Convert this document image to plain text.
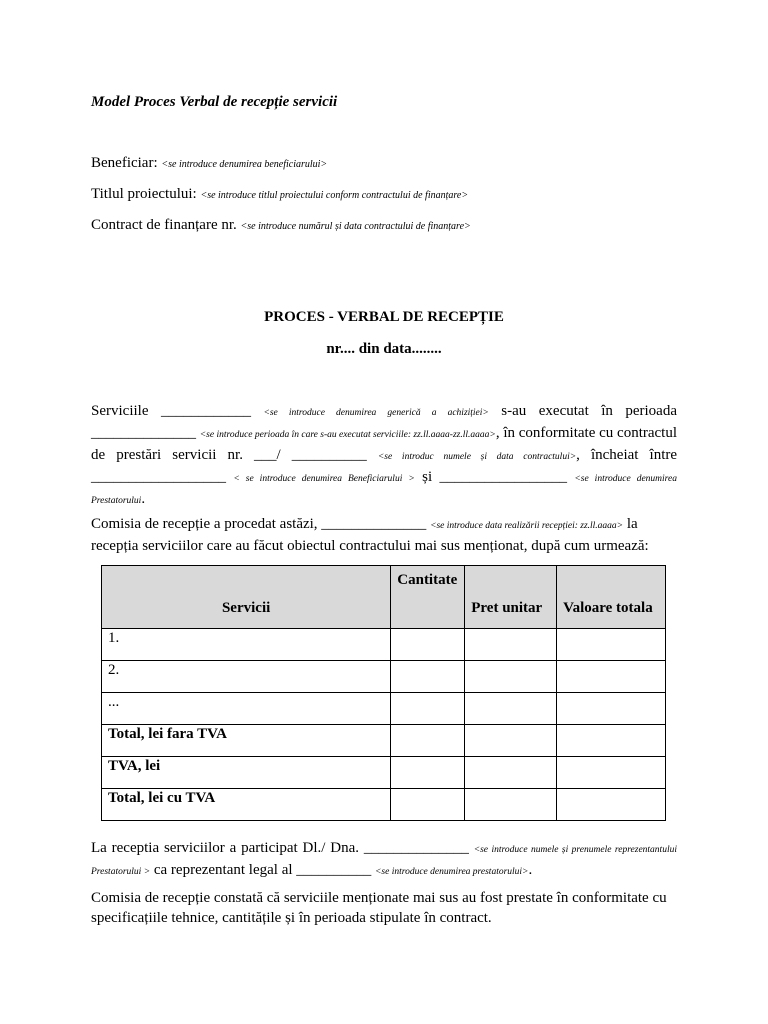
Model Proces Verbal de recepție servicii
Beneficiar: <se introduce denumirea beneficiarului>
Titlul proiectului: <se introduce titlul proiectului conform contractului de finanțare>
Contract de finanțare nr. <se introduce numărul și data contractului de finanțare>
PROCES - VERBAL DE RECEPȚIE
nr.... din data........
Serviciile ____________ <se introduce denumirea generică a achiziției> s-au executat în perioada ______________ <se introduce perioada în care s-au executat serviciile: zz.ll.aaaa-zz.ll.aaaa>, în conformitate cu contractul de prestări servicii nr. ___/ __________ <se introduc numele și data contractului>, încheiat între __________________ < se introduce denumirea Beneficiarului > și _________________ <se introduce denumirea Prestatorului.
Comisia de recepție a procedat astăzi, ______________ <se introduce data realizării recepției: zz.ll.aaaa> la recepția serviciilor care au făcut obiectul contractului mai sus menționat, după cum urmează:
Servicii	Cantitate	Pret unitar	Valoare totala
1.			
2.			
...			
Total, lei fara TVA			
TVA, lei			
Total, lei cu TVA			
La receptia serviciilor a participat Dl./ Dna. ______________ <se introduce numele și prenumele reprezentantului Prestatorului > ca reprezentant legal al __________ <se introduce denumirea prestatorului>.
Comisia de recepție constată că serviciile menționate mai sus au fost prestate în conformitate cu specificațiile tehnice, cantitățile și în perioada stipulate în contract.
